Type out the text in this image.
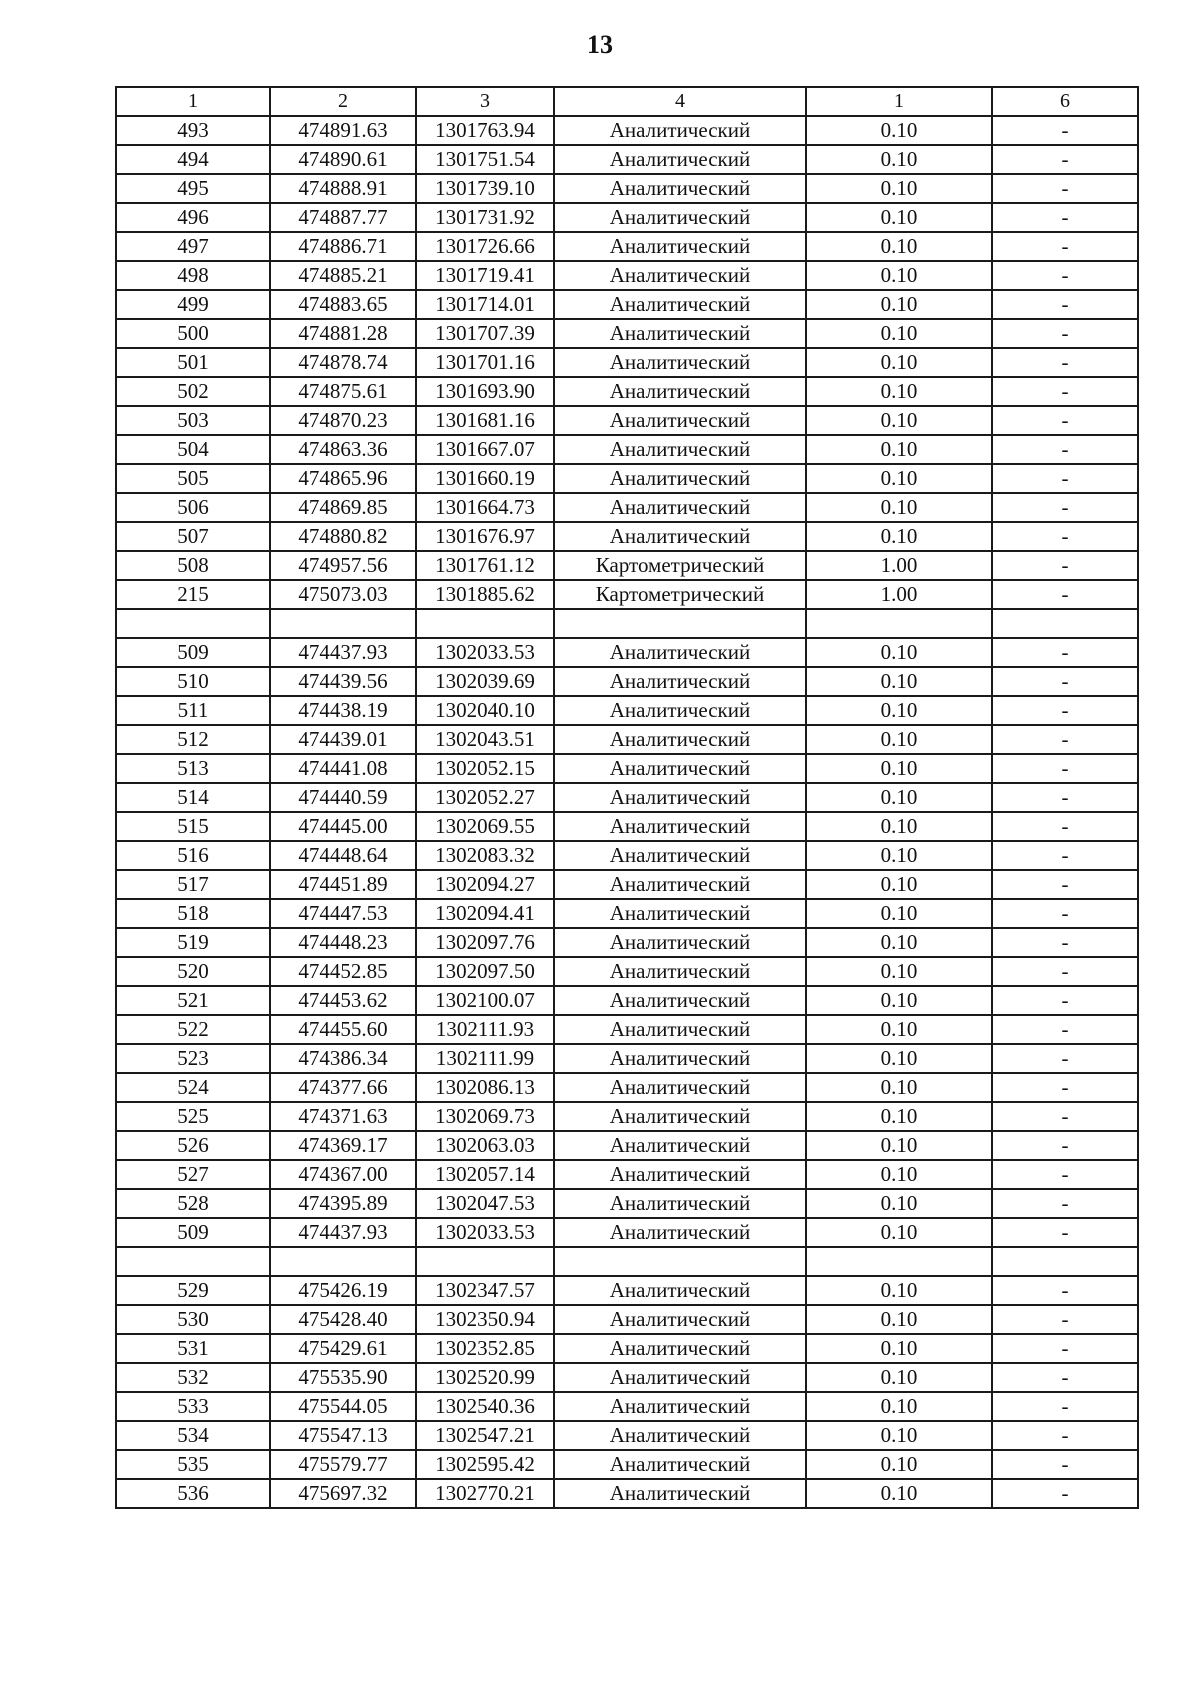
13
1	2	3	4	1	6
493	474891.63	1301763.94	Аналитический	0.10	-
494	474890.61	1301751.54	Аналитический	0.10	-
495	474888.91	1301739.10	Аналитический	0.10	-
496	474887.77	1301731.92	Аналитический	0.10	-
497	474886.71	1301726.66	Аналитический	0.10	-
498	474885.21	1301719.41	Аналитический	0.10	-
499	474883.65	1301714.01	Аналитический	0.10	-
500	474881.28	1301707.39	Аналитический	0.10	-
501	474878.74	1301701.16	Аналитический	0.10	-
502	474875.61	1301693.90	Аналитический	0.10	-
503	474870.23	1301681.16	Аналитический	0.10	-
504	474863.36	1301667.07	Аналитический	0.10	-
505	474865.96	1301660.19	Аналитический	0.10	-
506	474869.85	1301664.73	Аналитический	0.10	-
507	474880.82	1301676.97	Аналитический	0.10	-
508	474957.56	1301761.12	Картометрический	1.00	-
215	475073.03	1301885.62	Картометрический	1.00	-

509	474437.93	1302033.53	Аналитический	0.10	-
510	474439.56	1302039.69	Аналитический	0.10	-
511	474438.19	1302040.10	Аналитический	0.10	-
512	474439.01	1302043.51	Аналитический	0.10	-
513	474441.08	1302052.15	Аналитический	0.10	-
514	474440.59	1302052.27	Аналитический	0.10	-
515	474445.00	1302069.55	Аналитический	0.10	-
516	474448.64	1302083.32	Аналитический	0.10	-
517	474451.89	1302094.27	Аналитический	0.10	-
518	474447.53	1302094.41	Аналитический	0.10	-
519	474448.23	1302097.76	Аналитический	0.10	-
520	474452.85	1302097.50	Аналитический	0.10	-
521	474453.62	1302100.07	Аналитический	0.10	-
522	474455.60	1302111.93	Аналитический	0.10	-
523	474386.34	1302111.99	Аналитический	0.10	-
524	474377.66	1302086.13	Аналитический	0.10	-
525	474371.63	1302069.73	Аналитический	0.10	-
526	474369.17	1302063.03	Аналитический	0.10	-
527	474367.00	1302057.14	Аналитический	0.10	-
528	474395.89	1302047.53	Аналитический	0.10	-
509	474437.93	1302033.53	Аналитический	0.10	-

529	475426.19	1302347.57	Аналитический	0.10	-
530	475428.40	1302350.94	Аналитический	0.10	-
531	475429.61	1302352.85	Аналитический	0.10	-
532	475535.90	1302520.99	Аналитический	0.10	-
533	475544.05	1302540.36	Аналитический	0.10	-
534	475547.13	1302547.21	Аналитический	0.10	-
535	475579.77	1302595.42	Аналитический	0.10	-
536	475697.32	1302770.21	Аналитический	0.10	-
